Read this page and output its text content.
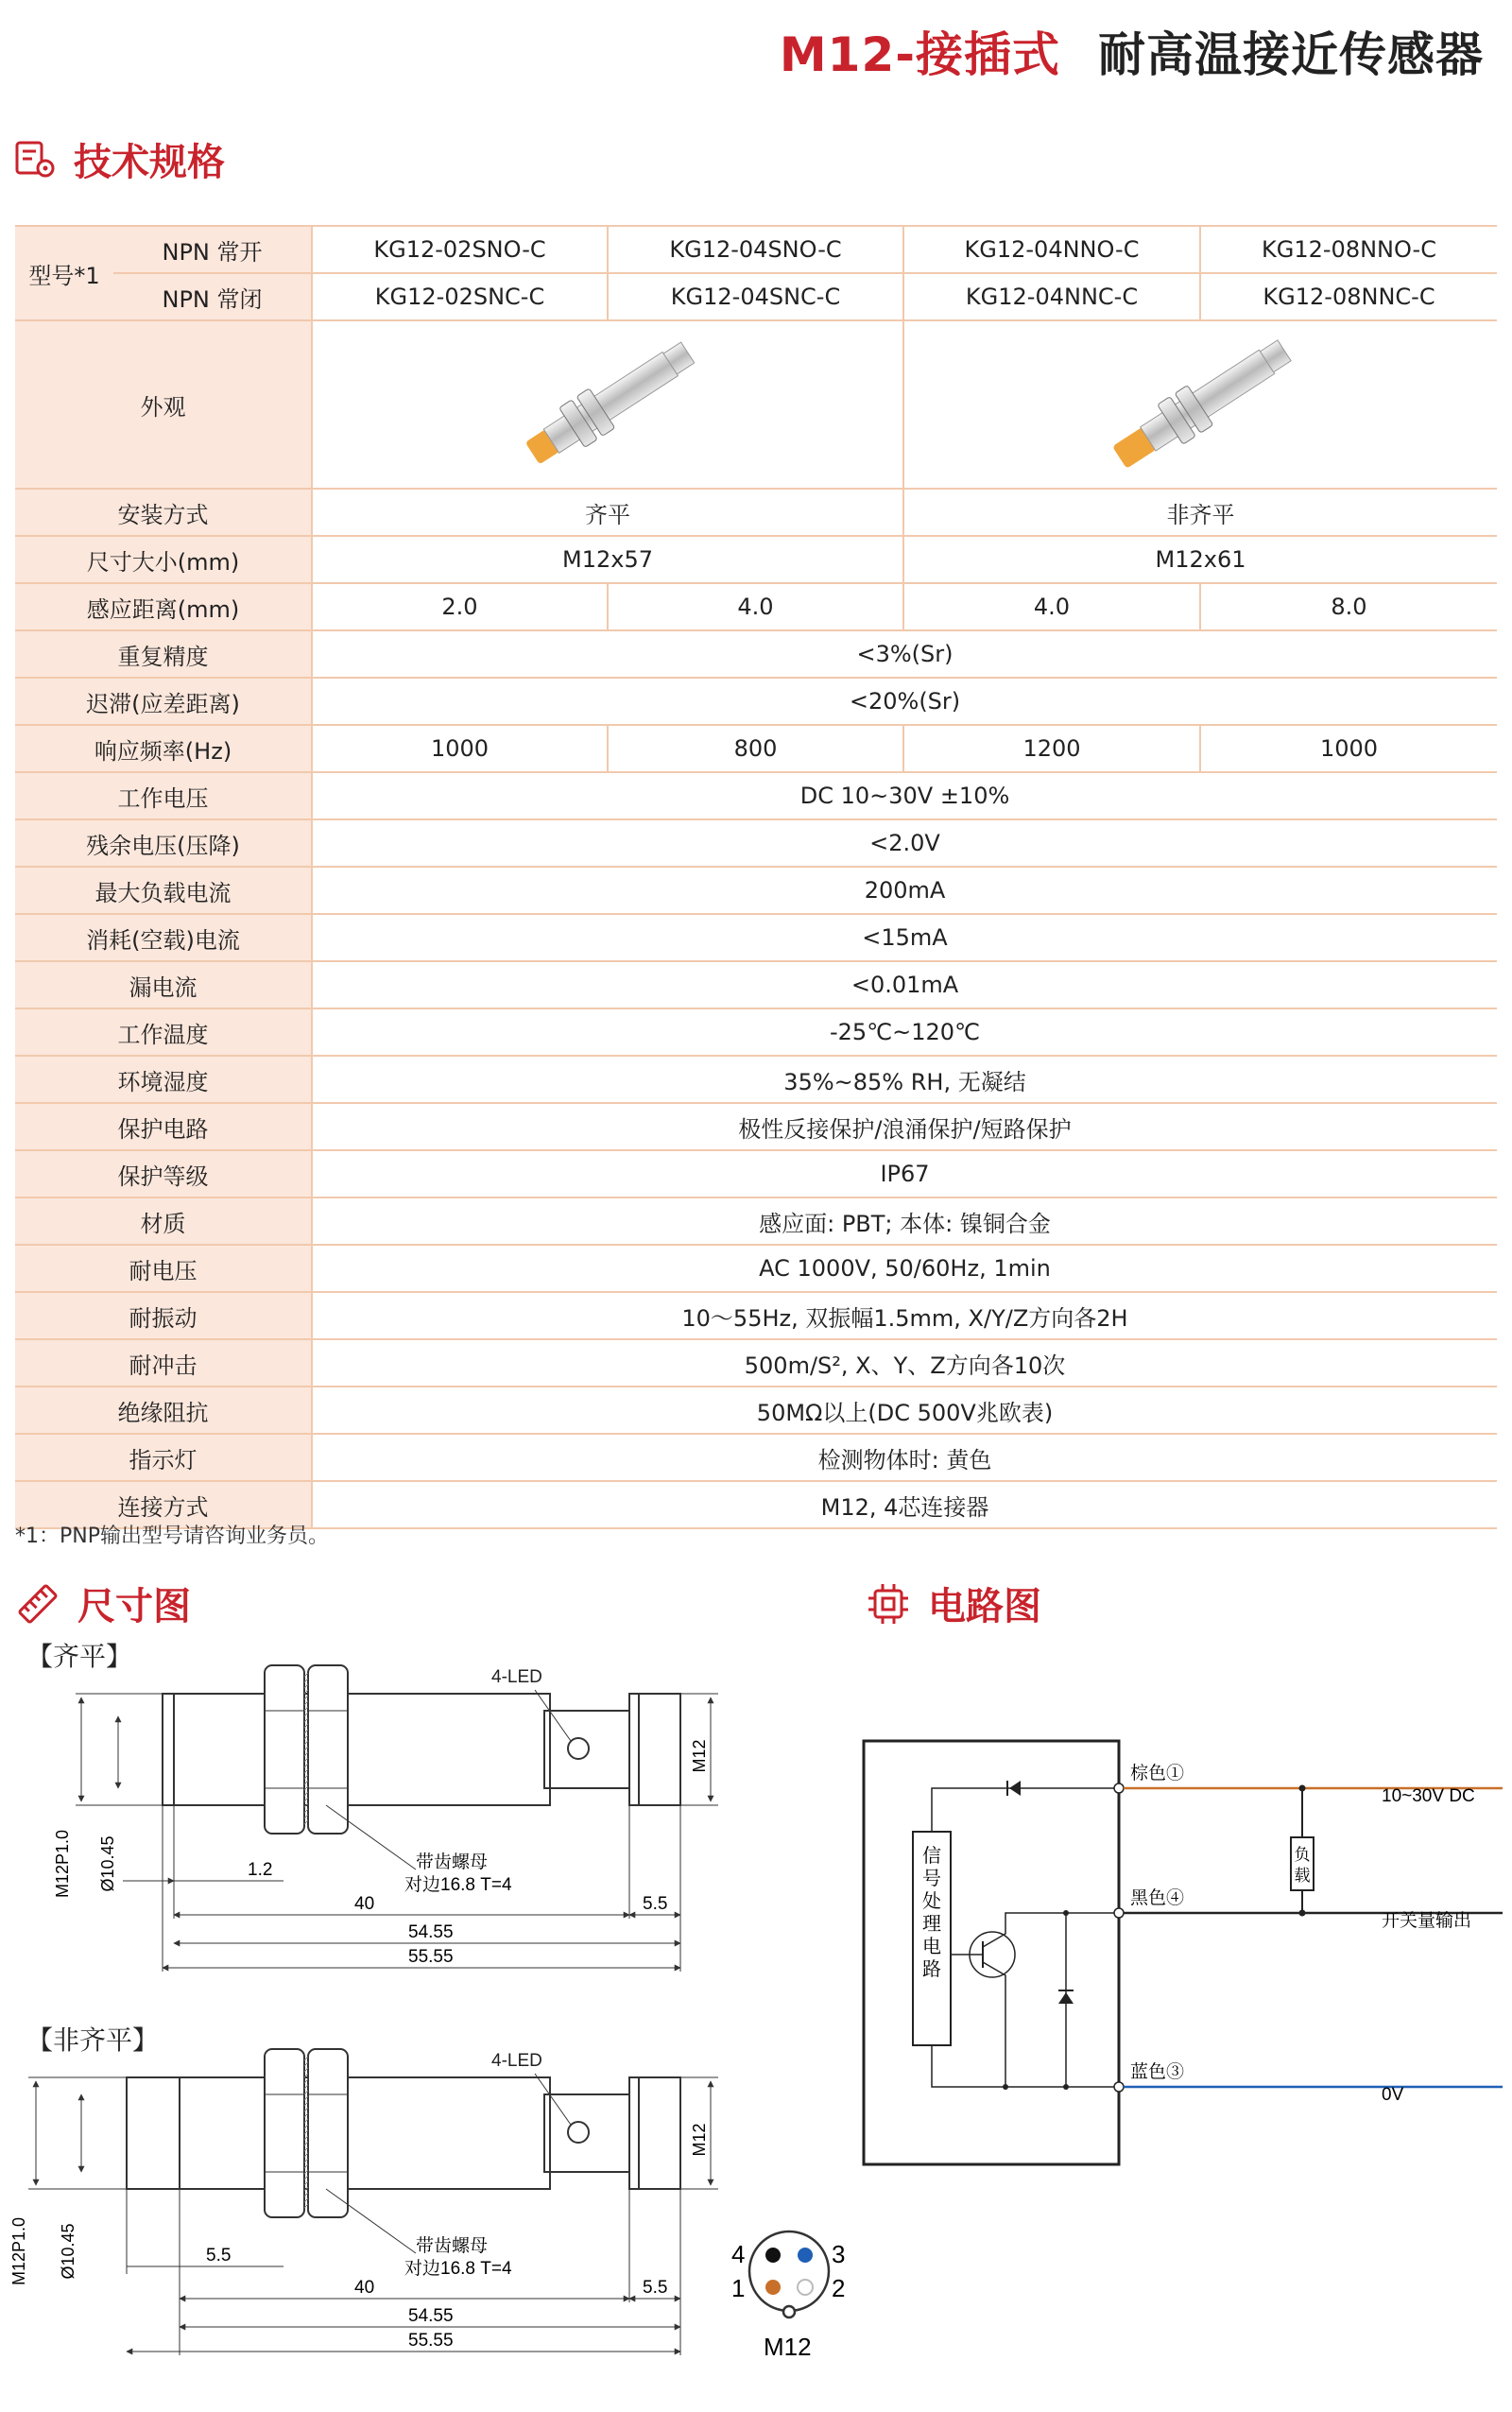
M12-接插式 耐高温接近传感器
技术规格
型号*1	NPN 常开	KG12-02SNO-C	KG12-04SNO-C	KG12-04NNO-C	KG12-08NNO-C
	NPN 常闭	KG12-02SNC-C	KG12-04SNC-C	KG12-04NNC-C	KG12-08NNC-C
外观	

安装方式		齐平		非齐平	
尺寸大小(mm)		M12x57		M12x61	
感应距离(mm)		2.0	4.0	4.0	8.0
重复精度		<3%(Sr)			
迟滞(应差距离)		<20%(Sr)			
响应频率(Hz)		1000	800	1200	1000
工作电压		DC 10~30V ±10%			
残余电压(压降)		<2.0V			
最大负载电流		200mA			
消耗(空载)电流		<15mA			
漏电流		<0.01mA			
工作温度		-25℃~120℃			
环境湿度		35%~85% RH, 无凝结			
保护电路		极性反接保护/浪涌保护/短路保护			
保护等级		IP67			
材质		感应面: PBT; 本体: 镍铜合金			
耐电压		AC 1000V, 50/60Hz, 1min			
耐振动		10～55Hz, 双振幅1.5mm, X/Y/Z方向各2H			
耐冲击		500m/S², X、Y、Z方向各10次			
绝缘阻抗		50MΩ以上(DC 500V兆欧表)			
指示灯		检测物体时: 黄色			
连接方式		M12, 4芯连接器			
*1：PNP输出型号请咨询业务员。
尺寸图	电路图
【齐平】
4-LED
M12
M12P1.0 Ø10.45	带齿螺母
对边16.8 T=4
1.2
40	5.5
54.55
55.55
【非齐平】
4-LED
M12
M12P1.0 Ø10.45	带齿螺母
对边16.8 T=4
5.5
40	5.5
54.55
55.55
4	3
1	2
M12
信
号
处
理
电
路
负
载
棕色①
黑色④
蓝色③
10~30V DC
开关量输出
0V
